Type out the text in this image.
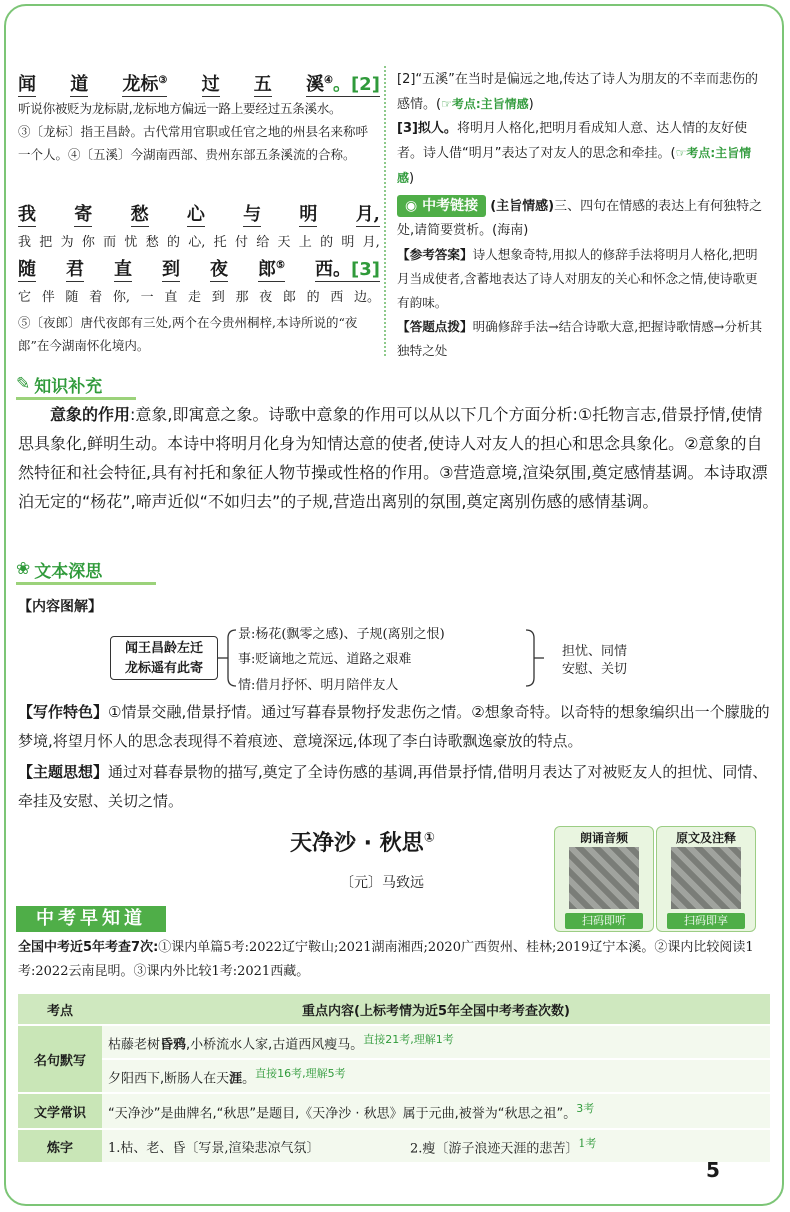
闻 道 龙标③ 过 五 溪④。[2]
听说你被贬为龙标尉,龙标地方偏远一路上要经过五条溪水。
③〔龙标〕指王昌龄。古代常用官职或任官之地的州县名来称呼一个人。④〔五溪〕今湖南西部、贵州东部五条溪流的合称。
我 寄 愁 心 与 明 月,
我 把 为 你 而 忧 愁 的 心, 托 付 给 天 上 的 明 月,
随 君 直 到 夜 郎⑤ 西。[3]
它 伴 随 着 你, 一 直 走 到 那 夜 郎 的 西 边。
⑤〔夜郎〕唐代夜郎有三处,两个在今贵州桐梓,本诗所说的“夜郎”在今湖南怀化境内。
[2]“五溪”在当时是偏远之地,传达了诗人为朋友的不幸而悲伤的感情。(☞考点:主旨情感)
[3]拟人。将明月人格化,把明月看成知人意、达人情的友好使者。诗人借“明月”表达了对友人的思念和牵挂。(☞考点:主旨情感)
◉ 中考链接 (主旨情感)三、四句在情感的表达上有何独特之处,请简要赏析。(海南)
【参考答案】诗人想象奇特,用拟人的修辞手法将明月人格化,把明月当成使者,含蓄地表达了诗人对朋友的关心和怀念之情,使诗歌更有韵味。
【答题点拨】明确修辞手法→结合诗歌大意,把握诗歌情感→分析其独特之处
✎ 知识补充
意象的作用:意象,即寓意之象。诗歌中意象的作用可以从以下几个方面分析:①托物言志,借景抒情,使情思具象化,鲜明生动。本诗中将明月化身为知情达意的使者,使诗人对友人的担心和思念具象化。②意象的自然特征和社会特征,具有衬托和象征人物节操或性格的作用。③营造意境,渲染氛围,奠定感情基调。本诗取漂泊无定的“杨花”,啼声近似“不如归去”的子规,营造出离别的氛围,奠定离别伤感的感情基调。
❀ 文本深思
【内容图解】
闻王昌龄左迁
龙标遥有此寄
景:杨花(飘零之感)、子规(离别之恨)
事:贬谪地之荒远、道路之艰难
情:借月抒怀、明月陪伴友人
担忧、同情
安慰、关切
【写作特色】①情景交融,借景抒情。通过写暮春景物抒发悲伤之情。②想象奇特。以奇特的想象编织出一个朦胧的梦境,将望月怀人的思念表现得不着痕迹、意境深远,体现了李白诗歌飘逸豪放的特点。
【主题思想】通过对暮春景物的描写,奠定了全诗伤感的基调,再借景抒情,借明月表达了对被贬友人的担忧、同情、牵挂及安慰、关切之情。
天净沙 · 秋思①
〔元〕马致远
朗诵音频
扫码即听
原文及注释
扫码即享
中考早知道
全国中考近5年考查7次:①课内单篇5考:2022辽宁鞍山;2021湖南湘西;2020广西贺州、桂林;2019辽宁本溪。②课内比较阅读1考:2022云南昆明。③课内外比较1考:2021西藏。
考点	重点内容(上标考情为近5年全国中考考查次数)	
名句默写	枯藤老树昏鸦,小桥流水人家,古道西风瘦马。$^{直接21考,理解1考}$
	夕阳西下,断肠人在天涯。$^{直接16考,理解5考}$
文学常识	“天净沙”是曲牌名,“秋思”是题目,《天净沙 · 秋思》属于元曲,被誉为“秋思之祖”。$^{3考}$
炼字	1.枯、老、昏〔写景,渲染悲凉气氛〕	2.瘦〔游子浪迹天涯的悲苦〕$^{1考}$
5
